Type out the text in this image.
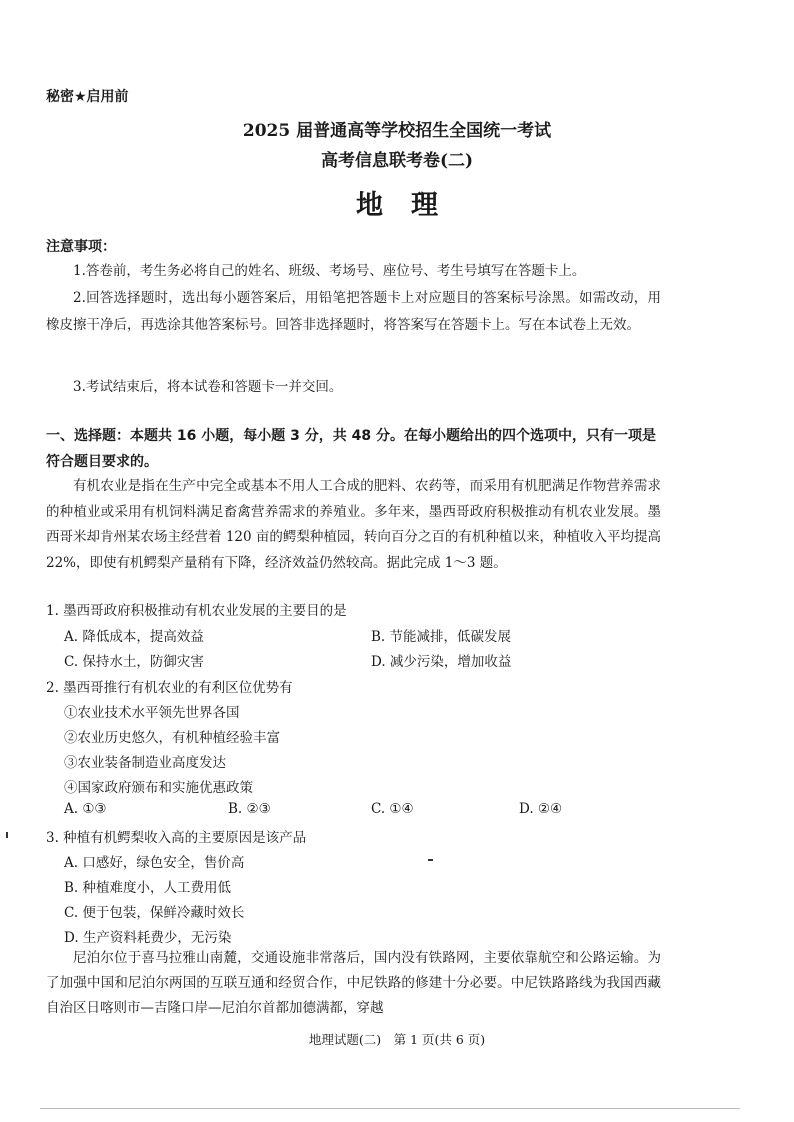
秘密★启用前
2025 届普通高等学校招生全国统一考试
高考信息联考卷(二)
地理
注意事项：
1.答卷前，考生务必将自己的姓名、班级、考场号、座位号、考生号填写在答题卡上。
2.回答选择题时，选出每小题答案后，用铅笔把答题卡上对应题目的答案标号涂黑。如需改动，用橡皮擦干净后，再选涂其他答案标号。回答非选择题时，将答案写在答题卡上。写在本试卷上无效。
3.考试结束后，将本试卷和答题卡一并交回。
一、选择题：本题共 16 小题，每小题 3 分，共 48 分。在每小题给出的四个选项中，只有一项是符合题目要求的。
有机农业是指在生产中完全或基本不用人工合成的肥料、农药等，而采用有机肥满足作物营养需求的种植业或采用有机饲料满足畜禽营养需求的养殖业。多年来，墨西哥政府积极推动有机农业发展。墨西哥米却肯州某农场主经营着 120 亩的鳄梨种植园，转向百分之百的有机种植以来，种植收入平均提高 22%，即使有机鳄梨产量稍有下降，经济效益仍然较高。据此完成 1～3 题。
1. 墨西哥政府积极推动有机农业发展的主要目的是
A. 降低成本，提高效益	B. 节能减排，低碳发展
C. 保持水土，防御灾害	D. 减少污染，增加收益
2. 墨西哥推行有机农业的有利区位优势有
①农业技术水平领先世界各国
②农业历史悠久，有机种植经验丰富
③农业装备制造业高度发达
④国家政府颁布和实施优惠政策
A. ①③	B. ②③	C. ①④	D. ②④
3. 种植有机鳄梨收入高的主要原因是该产品
A. 口感好，绿色安全，售价高
B. 种植难度小，人工费用低
C. 便于包装，保鲜冷藏时效长
D. 生产资料耗费少，无污染
尼泊尔位于喜马拉雅山南麓，交通设施非常落后，国内没有铁路网，主要依靠航空和公路运输。为了加强中国和尼泊尔两国的互联互通和经贸合作，中尼铁路的修建十分必要。中尼铁路路线为我国西藏自治区日喀则市—吉隆口岸—尼泊尔首都加德满都，穿越
地理试题(二)　第 1 页(共 6 页)
